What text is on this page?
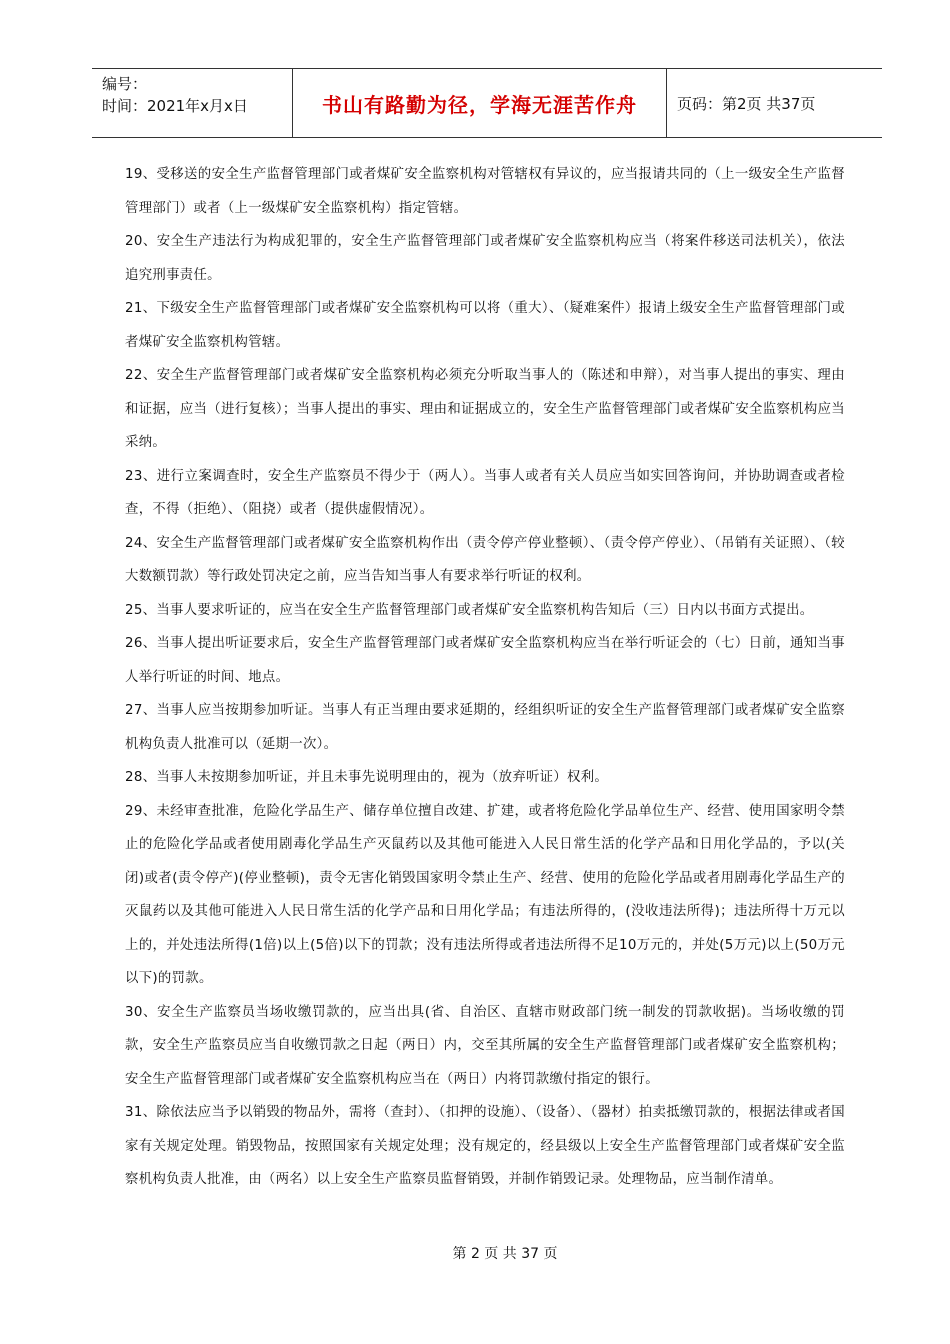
编号：
时间：2021年x月x日	书山有路勤为径，学海无涯苦作舟	页码：第2页 共37页

19、受移送的安全生产监督管理部门或者煤矿安全监察机构对管辖权有异议的，应当报请共同的（上一级安全生产监督管理部门）或者（上一级煤矿安全监察机构）指定管辖。

20、安全生产违法行为构成犯罪的，安全生产监督管理部门或者煤矿安全监察机构应当（将案件移送司法机关），依法追究刑事责任。

21、下级安全生产监督管理部门或者煤矿安全监察机构可以将（重大）、（疑难案件）报请上级安全生产监督管理部门或者煤矿安全监察机构管辖。

22、安全生产监督管理部门或者煤矿安全监察机构必须充分听取当事人的（陈述和申辩），对当事人提出的事实、理由和证据，应当（进行复核）；当事人提出的事实、理由和证据成立的，安全生产监督管理部门或者煤矿安全监察机构应当采纳。

23、进行立案调查时，安全生产监察员不得少于（两人）。当事人或者有关人员应当如实回答询问，并协助调查或者检查，不得（拒绝）、（阻挠）或者（提供虚假情况）。

24、安全生产监督管理部门或者煤矿安全监察机构作出（责令停产停业整顿）、（责令停产停业）、（吊销有关证照）、（较大数额罚款）等行政处罚决定之前，应当告知当事人有要求举行听证的权利。

25、当事人要求听证的，应当在安全生产监督管理部门或者煤矿安全监察机构告知后（三）日内以书面方式提出。

26、当事人提出听证要求后，安全生产监督管理部门或者煤矿安全监察机构应当在举行听证会的（七）日前，通知当事人举行听证的时间、地点。

27、当事人应当按期参加听证。当事人有正当理由要求延期的，经组织听证的安全生产监督管理部门或者煤矿安全监察机构负责人批准可以（延期一次）。

28、当事人未按期参加听证，并且未事先说明理由的，视为（放弃听证）权利。

29、未经审查批准，危险化学品生产、储存单位擅自改建、扩建，或者将危险化学品单位生产、经营、使用国家明令禁止的危险化学品或者使用剧毒化学品生产灭鼠药以及其他可能进入人民日常生活的化学产品和日用化学品的，予以(关闭)或者(责令停产)(停业整顿)，责令无害化销毁国家明令禁止生产、经营、使用的危险化学品或者用剧毒化学品生产的灭鼠药以及其他可能进入人民日常生活的化学产品和日用化学品；有违法所得的，(没收违法所得)；违法所得十万元以上的，并处违法所得(1倍)以上(5倍)以下的罚款；没有违法所得或者违法所得不足10万元的，并处(5万元)以上(50万元以下)的罚款。

30、安全生产监察员当场收缴罚款的，应当出具(省、自治区、直辖市财政部门统一制发的罚款收据)。当场收缴的罚款，安全生产监察员应当自收缴罚款之日起（两日）内，交至其所属的安全生产监督管理部门或者煤矿安全监察机构；安全生产监督管理部门或者煤矿安全监察机构应当在（两日）内将罚款缴付指定的银行。

31、除依法应当予以销毁的物品外，需将（查封）、（扣押的设施）、（设备）、（器材）拍卖抵缴罚款的，根据法律或者国家有关规定处理。销毁物品，按照国家有关规定处理；没有规定的，经县级以上安全生产监督管理部门或者煤矿安全监察机构负责人批准，由（两名）以上安全生产监察员监督销毁，并制作销毁记录。处理物品，应当制作清单。

第 2 页 共 37 页
